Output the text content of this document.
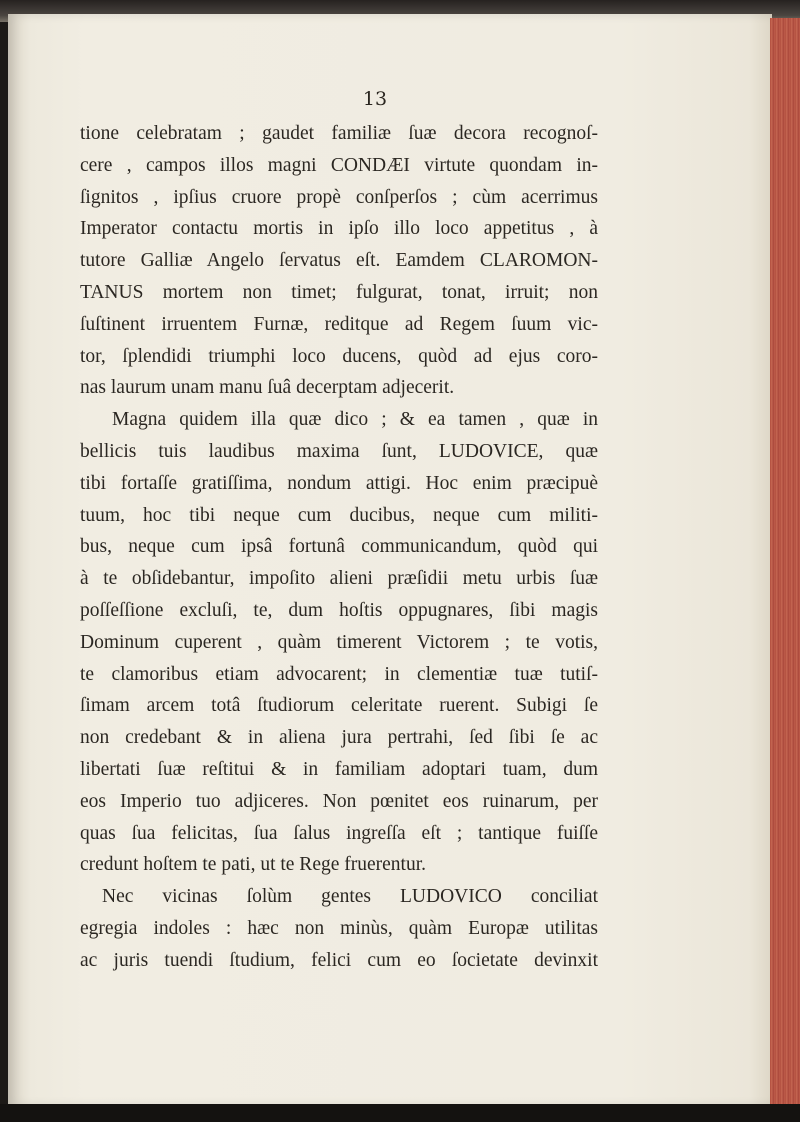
13
tione celebratam ; gaudet familiæ ſuæ decora recognoſ-
cere , campos illos magni CONDÆI virtute quondam in-
ſignitos , ipſius cruore propè conſperſos ; cùm acerrimus
Imperator contactu mortis in ipſo illo loco appetitus , à
tutore Galliæ Angelo ſervatus eſt. Eamdem CLAROMON-
TANUS mortem non timet; fulgurat, tonat, irruit; non
ſuſtinent irruentem Furnæ, reditque ad Regem ſuum vic-
tor, ſplendidi triumphi loco ducens, quòd ad ejus coro-
nas laurum unam manu ſuâ decerptam adjecerit.
Magna quidem illa quæ dico ; & ea tamen , quæ in
bellicis tuis laudibus maxima ſunt, LUDOVICE, quæ
tibi fortaſſe gratiſſima, nondum attigi. Hoc enim præcipuè
tuum, hoc tibi neque cum ducibus, neque cum militi-
bus, neque cum ipsâ fortunâ communicandum, quòd qui
à te obſidebantur, impoſito alieni præſidii metu urbis ſuæ
poſſeſſione excluſi, te, dum hoſtis oppugnares, ſibi magis
Dominum cuperent , quàm timerent Victorem ; te votis,
te clamoribus etiam advocarent; in clementiæ tuæ tutiſ-
ſimam arcem totâ ſtudiorum celeritate ruerent. Subigi ſe
non credebant & in aliena jura pertrahi, ſed ſibi ſe ac
libertati ſuæ reſtitui & in familiam adoptari tuam, dum
eos Imperio tuo adjiceres. Non pœnitet eos ruinarum, per
quas ſua felicitas, ſua ſalus ingreſſa eſt ; tantique fuiſſe
credunt hoſtem te pati, ut te Rege fruerentur.
Nec vicinas ſolùm gentes LUDOVICO conciliat
egregia indoles : hæc non minùs, quàm Europæ utilitas
ac juris tuendi ſtudium, felici cum eo ſocietate devinxit
